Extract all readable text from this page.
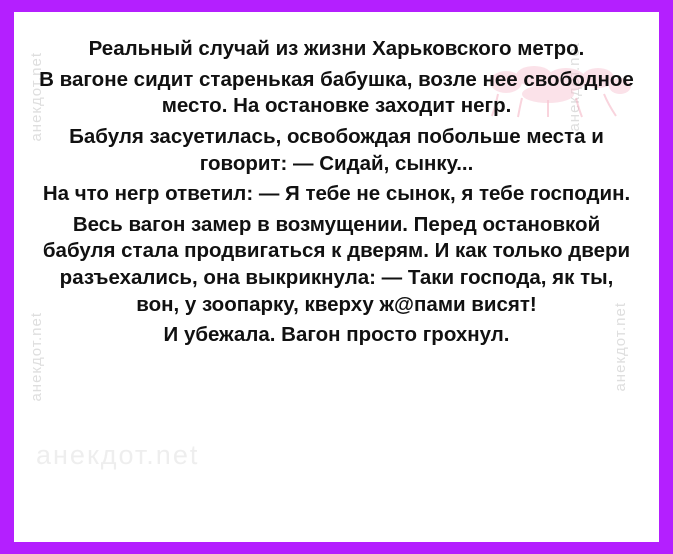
анекдот.net
анекдот.net	анекдот.net
анекдот.net
анекдот.net

Реальный случай из жизни Харьковского метро.

В вагоне сидит старенькая бабушка, возле нее свободное место. На остановке заходит негр.

Бабуля засуетилась, освобождая побольше места и говорит: — Сидай, сынку...

На что негр ответил: — Я тебе не сынок, я тебе господин.

Весь вагон замер в возмущении. Перед остановкой бабуля стала продвигаться к дверям. И как только двери разъехались, она выкрикнула: — Таки господа, як ты, вон, у зоопарку, кверху ж@пами висят!

И убежала. Вагон просто грохнул.
